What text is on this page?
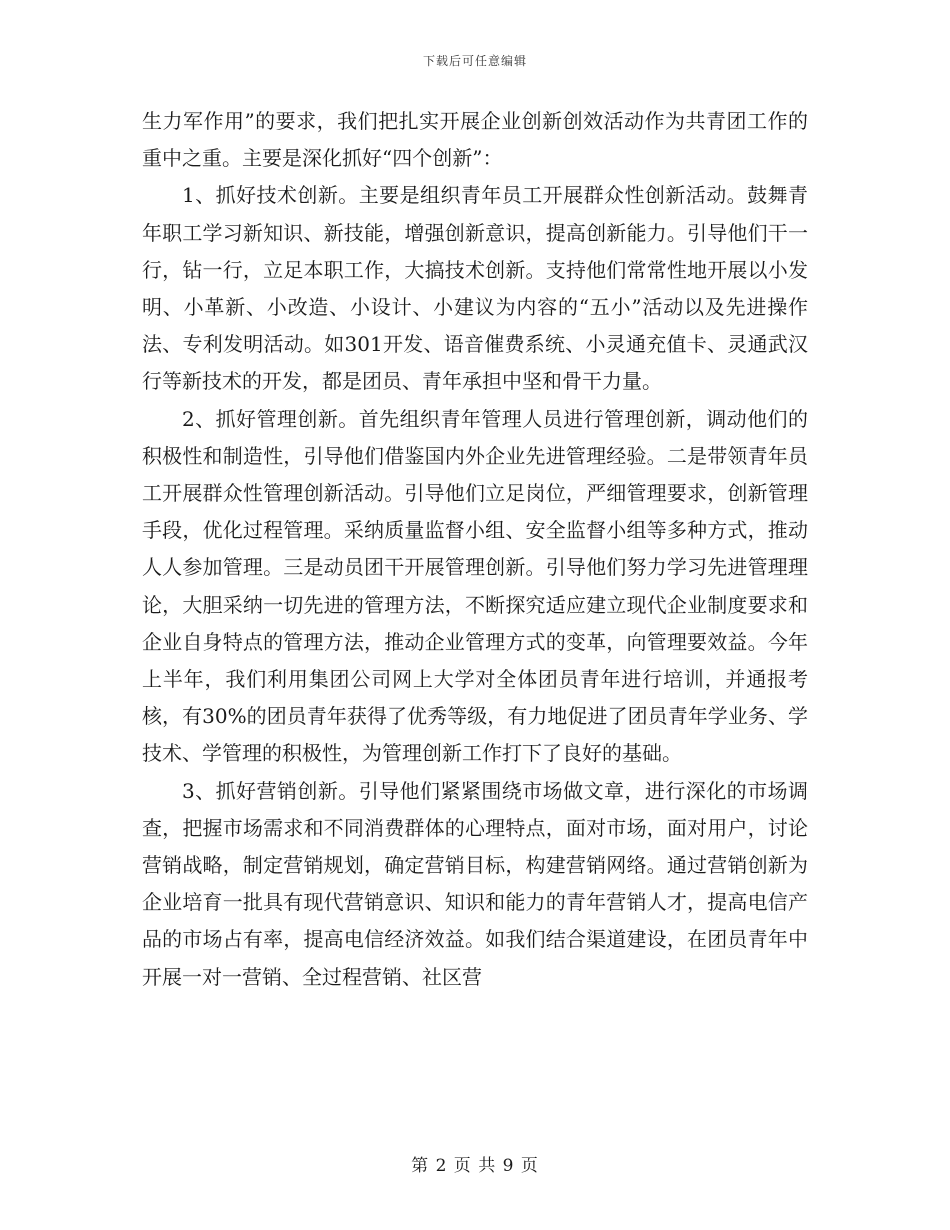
下载后可任意编辑

生力军作用”的要求，我们把扎实开展企业创新创效活动作为共青团工作的重中之重。主要是深化抓好“四个创新”：

1、抓好技术创新。主要是组织青年员工开展群众性创新活动。鼓舞青年职工学习新知识、新技能，增强创新意识，提高创新能力。引导他们干一行，钻一行，立足本职工作，大搞技术创新。支持他们常常性地开展以小发明、小革新、小改造、小设计、小建议为内容的“五小”活动以及先进操作法、专利发明活动。如301开发、语音催费系统、小灵通充值卡、灵通武汉行等新技术的开发，都是团员、青年承担中坚和骨干力量。

2、抓好管理创新。首先组织青年管理人员进行管理创新，调动他们的积极性和制造性，引导他们借鉴国内外企业先进管理经验。二是带领青年员工开展群众性管理创新活动。引导他们立足岗位，严细管理要求，创新管理手段，优化过程管理。采纳质量监督小组、安全监督小组等多种方式，推动人人参加管理。三是动员团干开展管理创新。引导他们努力学习先进管理理论，大胆采纳一切先进的管理方法，不断探究适应建立现代企业制度要求和企业自身特点的管理方法，推动企业管理方式的变革，向管理要效益。今年上半年，我们利用集团公司网上大学对全体团员青年进行培训，并通报考核，有30%的团员青年获得了优秀等级，有力地促进了团员青年学业务、学技术、学管理的积极性，为管理创新工作打下了良好的基础。

3、抓好营销创新。引导他们紧紧围绕市场做文章，进行深化的市场调查，把握市场需求和不同消费群体的心理特点，面对市场，面对用户，讨论营销战略，制定营销规划，确定营销目标，构建营销网络。通过营销创新为企业培育一批具有现代营销意识、知识和能力的青年营销人才，提高电信产品的市场占有率，提高电信经济效益。如我们结合渠道建设，在团员青年中开展一对一营销、全过程营销、社区营

第 2 页 共 9 页
